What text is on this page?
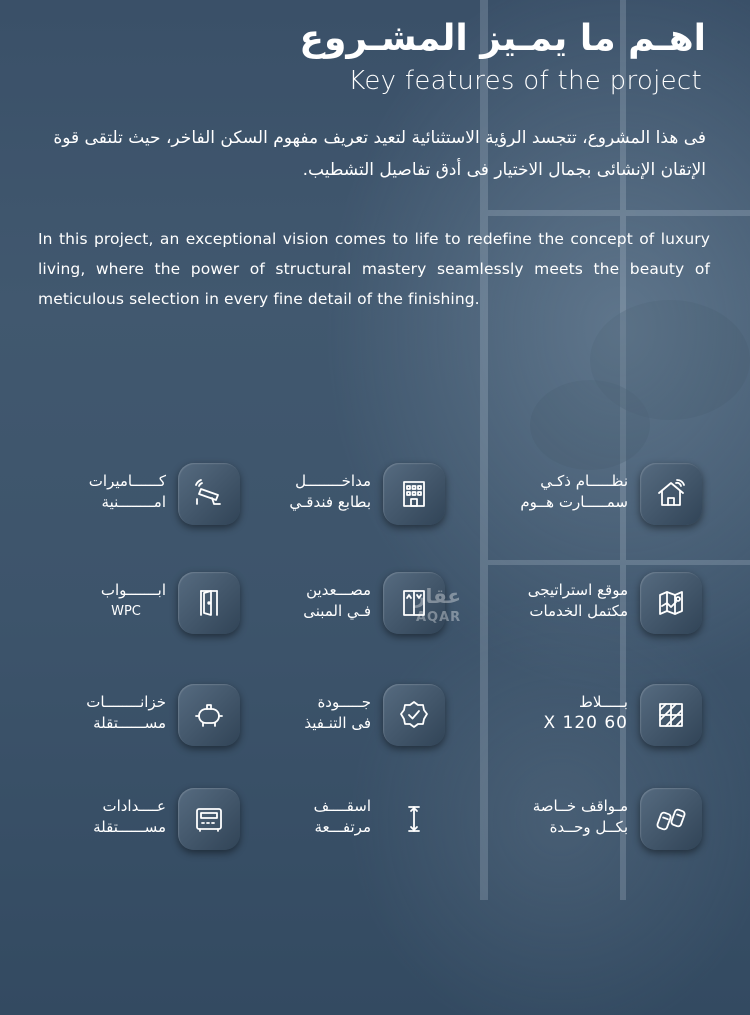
اهـم ما يمـيز المشـروع
Key features of the project
فى هذا المشروع، تتجسد الرؤية الاستثنائية لتعيد تعريف مفهوم السكن الفاخر، حيث تلتقى قوة الإتقان الإنشائى بجمال الاختيار فى أدق تفاصيل التشطيب.
In this project, an exceptional vision comes to life to redefine the concept of luxury living, where the power of structural mastery seamlessly meets the beauty of meticulous selection in every fine detail of the finishing.
نظـــــام ذكـي
سمـــــارت هــوم
مداخــــــــل
بطابع فندقـي
كــــــاميرات
امــــــــنية
موقع استراتيجى
مكتمل الخدمات
مصـــعدين
فـي المبنى
ابـــــــواب
WPC
بـــــلاط
60 X 120
جـــــودة
فى التنـفيذ
خزانــــــــات
مســــــتقلة
مـواقف خــاصة
بكــل وحــدة
اسقــــف
مرتفـــعة
عــــدادات
مســــــتقلة
عقار
AQAR
